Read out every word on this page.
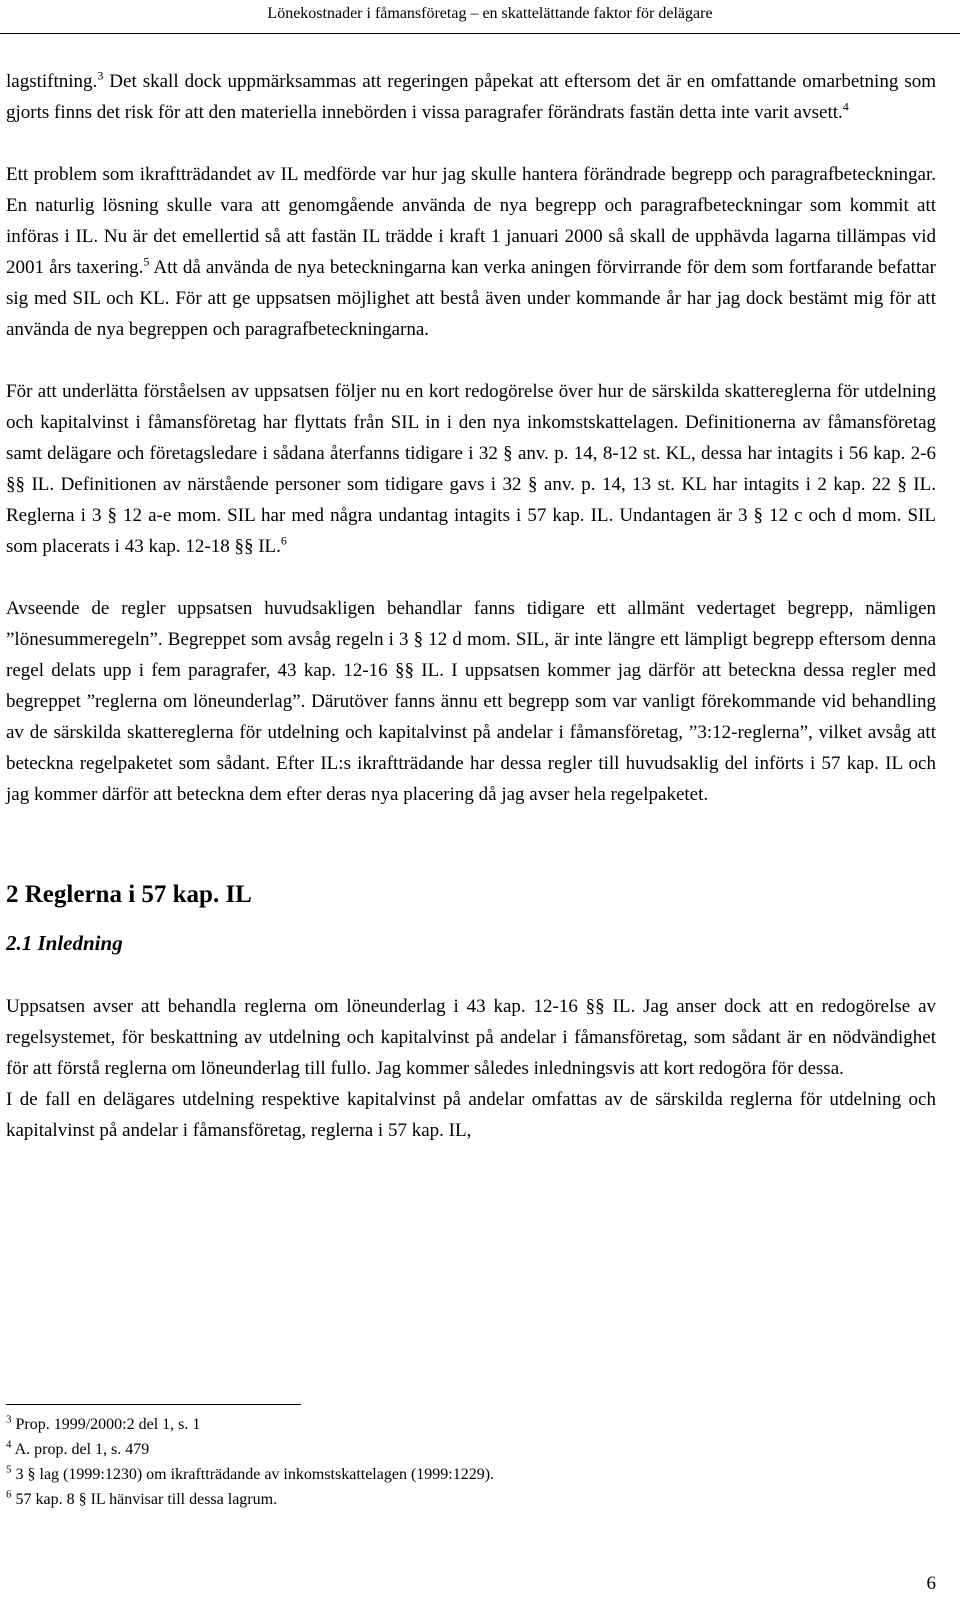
Lönekostnader i fåmansföretag – en skattelättande faktor för delägare

lagstiftning.$^3$ Det skall dock uppmärksammas att regeringen påpekat att eftersom det är en omfattande omarbetning som gjorts finns det risk för att den materiella innebörden i vissa paragrafer förändrats fastän detta inte varit avsett.$^4$

Ett problem som ikraftträdandet av IL medförde var hur jag skulle hantera förändrade begrepp och paragrafbeteckningar. En naturlig lösning skulle vara att genomgående använda de nya begrepp och paragrafbeteckningar som kommit att införas i IL. Nu är det emellertid så att fastän IL trädde i kraft 1 januari 2000 så skall de upphävda lagarna tillämpas vid 2001 års taxering.$^5$ Att då använda de nya beteckningarna kan verka aningen förvirrande för dem som fortfarande befattar sig med SIL och KL. För att ge uppsatsen möjlighet att bestå även under kommande år har jag dock bestämt mig för att använda de nya begreppen och paragrafbeteckningarna.

För att underlätta förståelsen av uppsatsen följer nu en kort redogörelse över hur de särskilda skattereglerna för utdelning och kapitalvinst i fåmansföretag har flyttats från SIL in i den nya inkomstskattelagen. Definitionerna av fåmansföretag samt delägare och företagsledare i sådana återfanns tidigare i 32 § anv. p. 14, 8-12 st. KL, dessa har intagits i 56 kap. 2-6 §§ IL. Definitionen av närstående personer som tidigare gavs i 32 § anv. p. 14, 13 st. KL har intagits i 2 kap. 22 § IL. Reglerna i 3 § 12 a-e mom. SIL har med några undantag intagits i 57 kap. IL. Undantagen är 3 § 12 c och d mom. SIL som placerats i 43 kap. 12-18 §§ IL.$^6$

Avseende de regler uppsatsen huvudsakligen behandlar fanns tidigare ett allmänt vedertaget begrepp, nämligen ”lönesummeregeln”. Begreppet som avsåg regeln i 3 § 12 d mom. SIL, är inte längre ett lämpligt begrepp eftersom denna regel delats upp i fem paragrafer, 43 kap. 12-16 §§ IL. I uppsatsen kommer jag därför att beteckna dessa regler med begreppet ”reglerna om löneunderlag”. Därutöver fanns ännu ett begrepp som var vanligt förekommande vid behandling av de särskilda skattereglerna för utdelning och kapitalvinst på andelar i fåmansföretag, ”3:12-reglerna”, vilket avsåg att beteckna regelpaketet som sådant. Efter IL:s ikraftträdande har dessa regler till huvudsaklig del införts i 57 kap. IL och jag kommer därför att beteckna dem efter deras nya placering då jag avser hela regelpaketet.

2 Reglerna i 57 kap. IL
2.1 Inledning

Uppsatsen avser att behandla reglerna om löneunderlag i 43 kap. 12-16 §§ IL. Jag anser dock att en redogörelse av regelsystemet, för beskattning av utdelning och kapitalvinst på andelar i fåmansföretag, som sådant är en nödvändighet för att förstå reglerna om löneunderlag till fullo. Jag kommer således inledningsvis att kort redogöra för dessa.

I de fall en delägares utdelning respektive kapitalvinst på andelar omfattas av de särskilda reglerna för utdelning och kapitalvinst på andelar i fåmansföretag, reglerna i 57 kap. IL,

$^3$ Prop. 1999/2000:2 del 1, s. 1
$^4$ A. prop. del 1, s. 479
$^5$ 3 § lag (1999:1230) om ikraftträdande av inkomstskattelagen (1999:1229).
$^6$ 57 kap. 8 § IL hänvisar till dessa lagrum.
6
